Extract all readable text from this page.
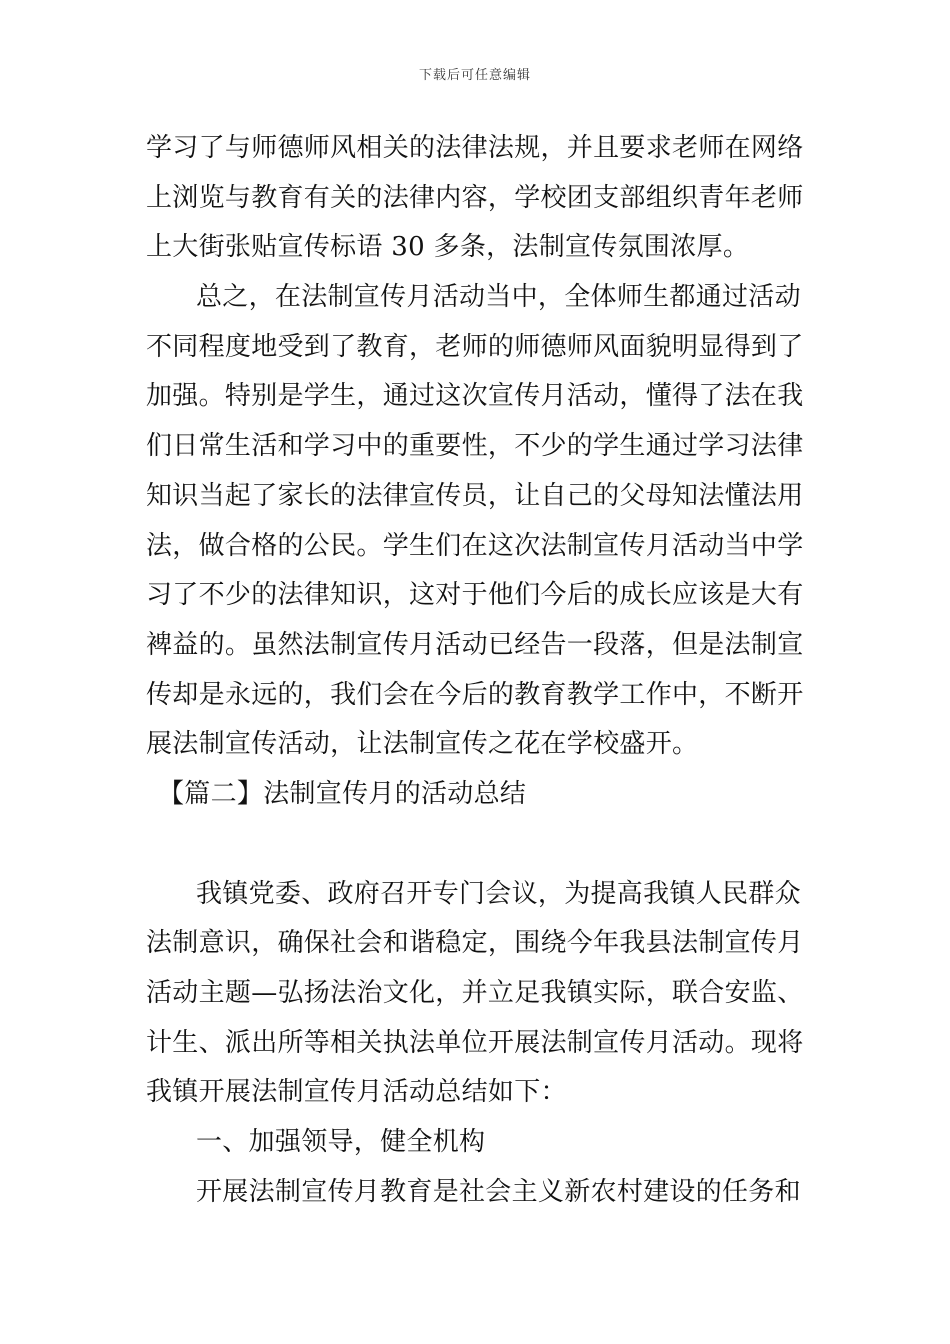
下载后可任意编辑
学习了与师德师风相关的法律法规，并且要求老师在网络
上浏览与教育有关的法律内容，学校团支部组织青年老师
上大街张贴宣传标语 30 多条，法制宣传氛围浓厚。
总之，在法制宣传月活动当中，全体师生都通过活动
不同程度地受到了教育，老师的师德师风面貌明显得到了
加强。特别是学生，通过这次宣传月活动，懂得了法在我
们日常生活和学习中的重要性，不少的学生通过学习法律
知识当起了家长的法律宣传员，让自己的父母知法懂法用
法，做合格的公民。学生们在这次法制宣传月活动当中学
习了不少的法律知识，这对于他们今后的成长应该是大有
裨益的。虽然法制宣传月活动已经告一段落，但是法制宣
传却是永远的，我们会在今后的教育教学工作中，不断开
展法制宣传活动，让法制宣传之花在学校盛开。
【篇二】法制宣传月的活动总结
我镇党委、政府召开专门会议，为提高我镇人民群众
法制意识，确保社会和谐稳定，围绕今年我县法制宣传月
活动主题—弘扬法治文化，并立足我镇实际，联合安监、
计生、派出所等相关执法单位开展法制宣传月活动。现将
我镇开展法制宣传月活动总结如下：
一、加强领导，健全机构
开展法制宣传月教育是社会主义新农村建设的任务和
